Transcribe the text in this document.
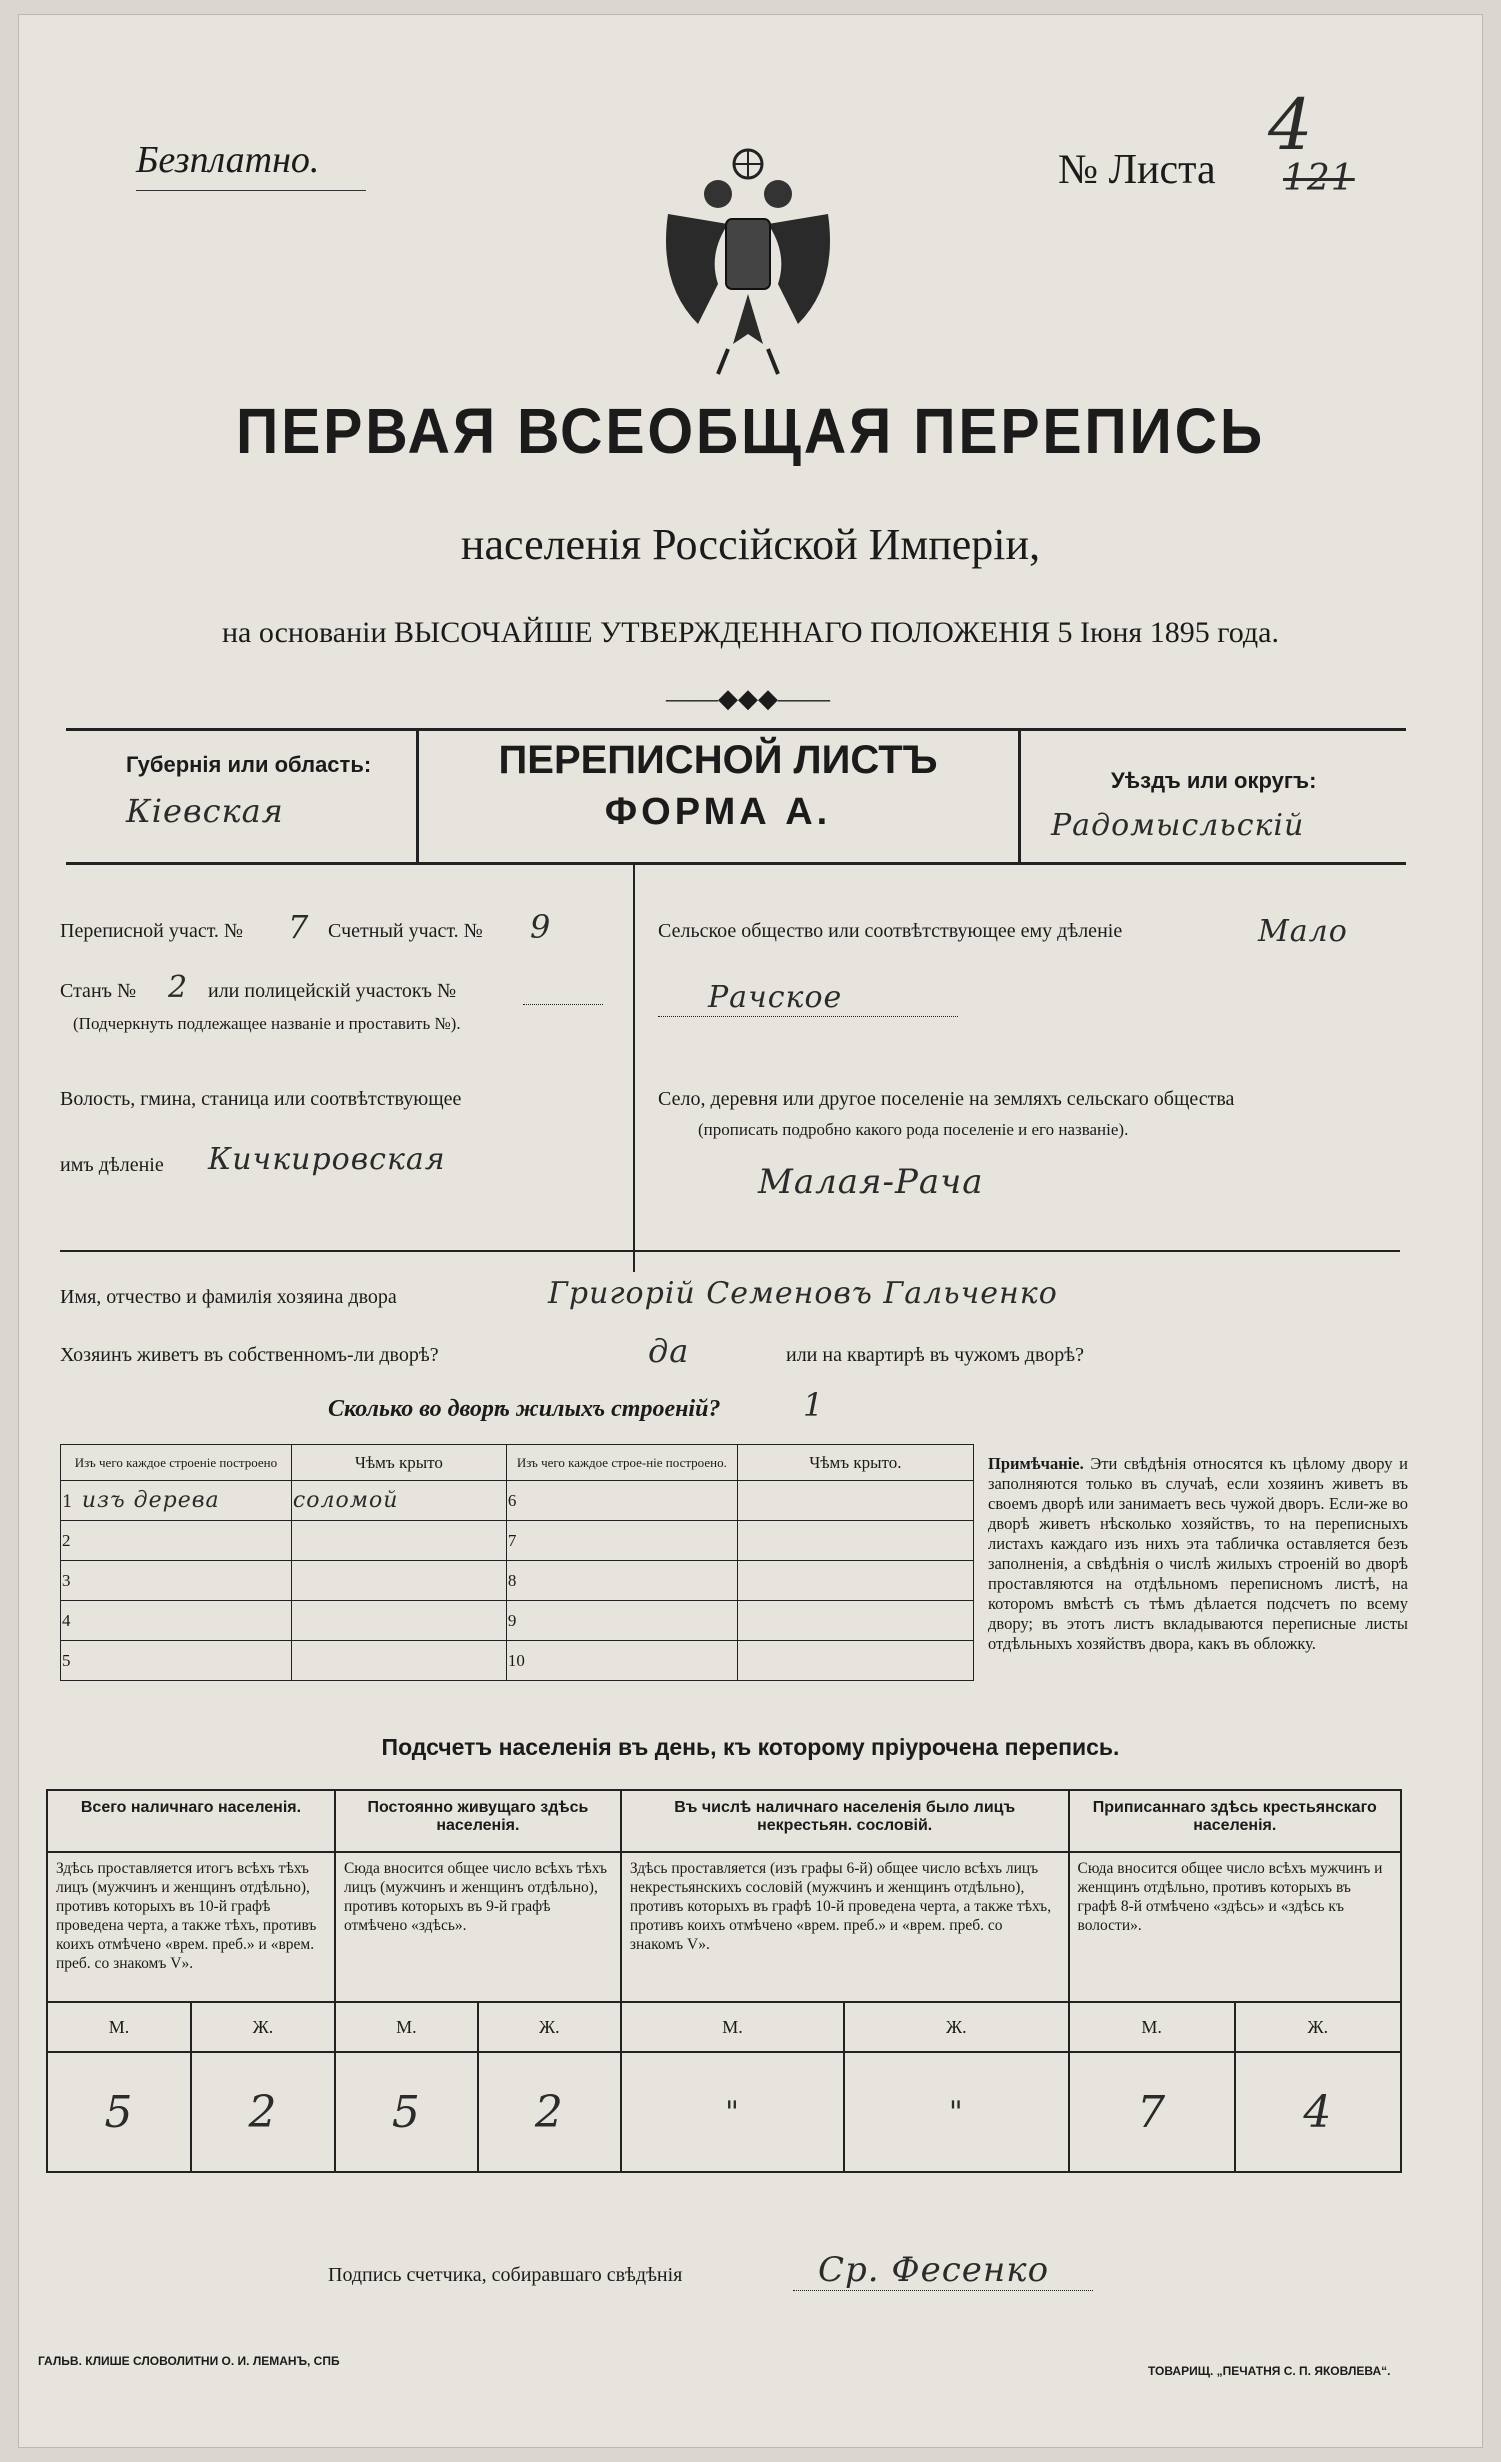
Безплатно.	№ Листа
4
121
ПЕРВАЯ ВСЕОБЩАЯ ПЕРЕПИСЬ
населенія Россійской Имперіи,
на основаніи ВЫСОЧАЙШЕ УТВЕРЖДЕННАГО ПОЛОЖЕНІЯ 5 Іюня 1895 года.
——◆◆◆——
Губернія или область:
Кіевская
ПЕРЕПИСНОЙ ЛИСТЪ
ФОРМА А.
Уѣздъ или округъ:
Радомысльскій
Переписной участ. № 7 Счетный участ. № 9
Станъ № 2 или полицейскій участокъ №
(Подчеркнуть подлежащее названіе и проставить №).
Волость, гмина, станица или соотвѣтствующее
имъ дѣленіе Кичкировская
Сельское общество или соотвѣтствующее ему дѣленіе	Мало
Рачское
Село, деревня или другое поселеніе на земляхъ сельскаго общества
(прописать подробно какого рода поселеніе и его названіе).
Малая-Рача
Имя, отчество и фамилія хозяина двора	Григорій Семеновъ Гальченко
Хозяинъ живетъ въ собственномъ-ли дворѣ?	да	или на квартирѣ въ чужомъ дворѣ?
Сколько во дворѣ жилыхъ строеній?	1
Изъ чего каждое строеніе построено	Чѣмъ крыто	Изъ чего каждое строе-ніе построено.	Чѣмъ крыто.
1 изъ дерева	соломой	6	
2		7	
3		8	
4		9	
5		10	
Примѣчаніе. Эти свѣдѣнія относятся къ цѣлому двору и заполняются только въ случаѣ, если хозяинъ живетъ въ своемъ дворѣ или занимаетъ весь чужой дворъ. Если-же во дворѣ живетъ нѣсколько хозяйствъ, то на переписныхъ листахъ каждаго изъ нихъ эта табличка оставляется безъ заполненія, а свѣдѣнія о числѣ жилыхъ строеній во дворѣ проставляются на отдѣльномъ переписномъ листѣ, на которомъ вмѣстѣ съ тѣмъ дѣлается подсчетъ по всему двору; въ этотъ листъ вкладываются переписные листы отдѣльныхъ хозяйствъ двора, какъ въ обложку.
Подсчетъ населенія въ день, къ которому пріурочена перепись.
Всего наличнаго населенія.		Постоянно живущаго здѣсь населенія.		Въ числѣ наличнаго населенія было лицъ некрестьян. сословій.		Приписаннаго здѣсь крестьянскаго населенія.	
Здѣсь проставляется итогъ всѣхъ тѣхъ лицъ (мужчинъ и женщинъ отдѣльно), противъ которыхъ въ 10-й графѣ проведена черта, а также тѣхъ, противъ коихъ отмѣчено «врем. преб.» и «врем. преб. со знакомъ V».		Сюда вносится общее число всѣхъ тѣхъ лицъ (мужчинъ и женщинъ отдѣльно), противъ которыхъ въ 9-й графѣ отмѣчено «здѣсь».		Здѣсь проставляется (изъ графы 6-й) общее число всѣхъ лицъ некрестьянскихъ сословій (мужчинъ и женщинъ отдѣльно), противъ которыхъ въ графѣ 10-й проведена черта, а также тѣхъ, противъ коихъ отмѣчено «врем. преб.» и «врем. преб. со знакомъ V».		Сюда вносится общее число всѣхъ мужчинъ и женщинъ отдѣльно, противъ которыхъ въ графѣ 8-й отмѣчено «здѣсь» и «здѣсь къ волости».	
М.	Ж.	М.	Ж.	М.	Ж.	М.	Ж.
5	2	5	2	"	"	7	4
Подпись счетчика, собиравшаго свѣдѣнія	Ср. Фесенко
ГАЛЬВ. КЛИШЕ СЛОВОЛИТНИ О. И. ЛЕМАНЪ, СПБ
ТОВАРИЩ. „ПЕЧАТНЯ С. П. ЯКОВЛЕВА“.
